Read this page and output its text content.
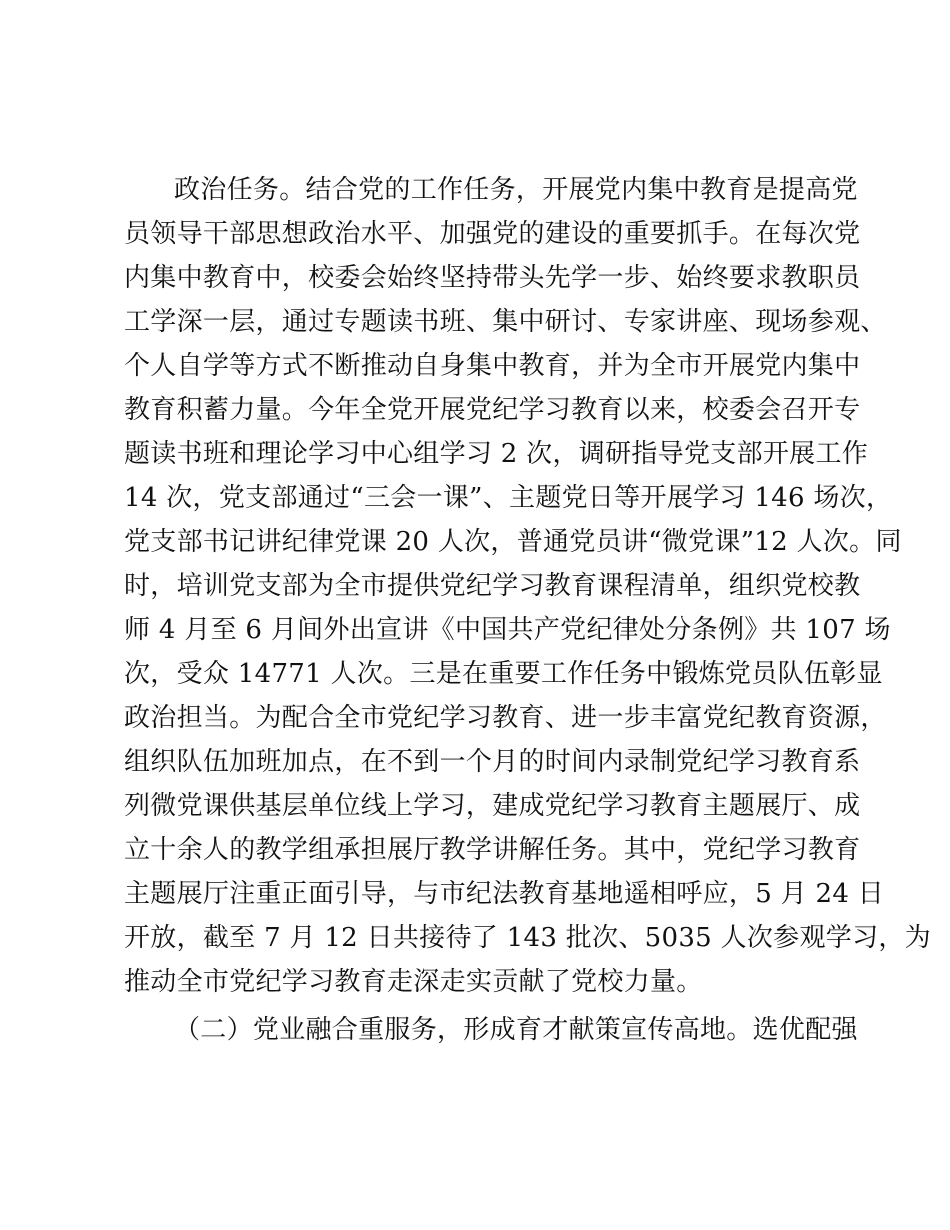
政治任务。结合党的工作任务，开展党内集中教育是提高党
员领导干部思想政治水平、加强党的建设的重要抓手。在每次党
内集中教育中，校委会始终坚持带头先学一步、始终要求教职员
工学深一层，通过专题读书班、集中研讨、专家讲座、现场参观、
个人自学等方式不断推动自身集中教育，并为全市开展党内集中
教育积蓄力量。今年全党开展党纪学习教育以来，校委会召开专
题读书班和理论学习中心组学习 2 次，调研指导党支部开展工作
14 次，党支部通过“三会一课”、主题党日等开展学习 146 场次，
党支部书记讲纪律党课 20 人次，普通党员讲“微党课”12 人次。同
时，培训党支部为全市提供党纪学习教育课程清单，组织党校教
师 4 月至 6 月间外出宣讲《中国共产党纪律处分条例》共 107 场
次，受众 14771 人次。三是在重要工作任务中锻炼党员队伍彰显
政治担当。为配合全市党纪学习教育、进一步丰富党纪教育资源，
组织队伍加班加点，在不到一个月的时间内录制党纪学习教育系
列微党课供基层单位线上学习，建成党纪学习教育主题展厅、成
立十余人的教学组承担展厅教学讲解任务。其中，党纪学习教育
主题展厅注重正面引导，与市纪法教育基地遥相呼应，5 月 24 日
开放，截至 7 月 12 日共接待了 143 批次、5035 人次参观学习，为
推动全市党纪学习教育走深走实贡献了党校力量。
（二）党业融合重服务，形成育才献策宣传高地。选优配强
